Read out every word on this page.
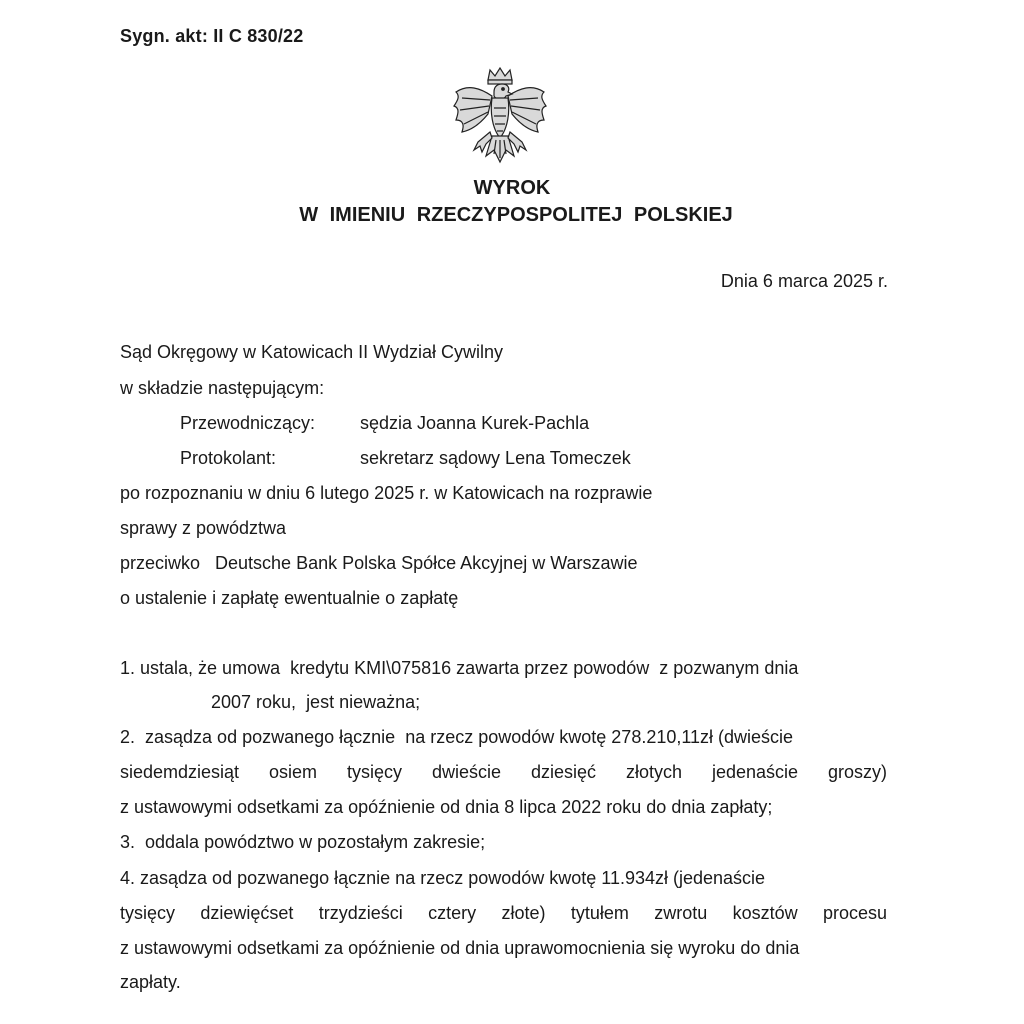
Sygn. akt: II C 830/22
WYROK
W IMIENIU RZECZYPOSPOLITEJ POLSKIEJ
Dnia 6 marca 2025 r.
Sąd Okręgowy w Katowicach II Wydział Cywilny
w składzie następującym:
Przewodniczący: sędzia Joanna Kurek-Pachla
Protokolant:	sekretarz sądowy Lena Tomeczek
po rozpoznaniu w dniu 6 lutego 2025 r. w Katowicach na rozprawie
sprawy z powództwa
przeciwko   Deutsche Bank Polska Spółce Akcyjnej w Warszawie
o ustalenie i zapłatę ewentualnie o zapłatę
1. ustala, że umowa  kredytu KMI\075816 zawarta przez powodów  z pozwanym dnia
2007 roku,  jest nieważna;
2.  zasądza od pozwanego łącznie  na rzecz powodów kwotę 278.210,11zł (dwieście
siedemdziesiąt osiem tysięcy dwieście dziesięć złotych jedenaście groszy)
z ustawowymi odsetkami za opóźnienie od dnia 8 lipca 2022 roku do dnia zapłaty;
3.  oddala powództwo w pozostałym zakresie;
4. zasądza od pozwanego łącznie na rzecz powodów kwotę 11.934zł (jedenaście
tysięcy dziewięćset trzydzieści cztery złote) tytułem zwrotu kosztów procesu
z ustawowymi odsetkami za opóźnienie od dnia uprawomocnienia się wyroku do dnia
zapłaty.
